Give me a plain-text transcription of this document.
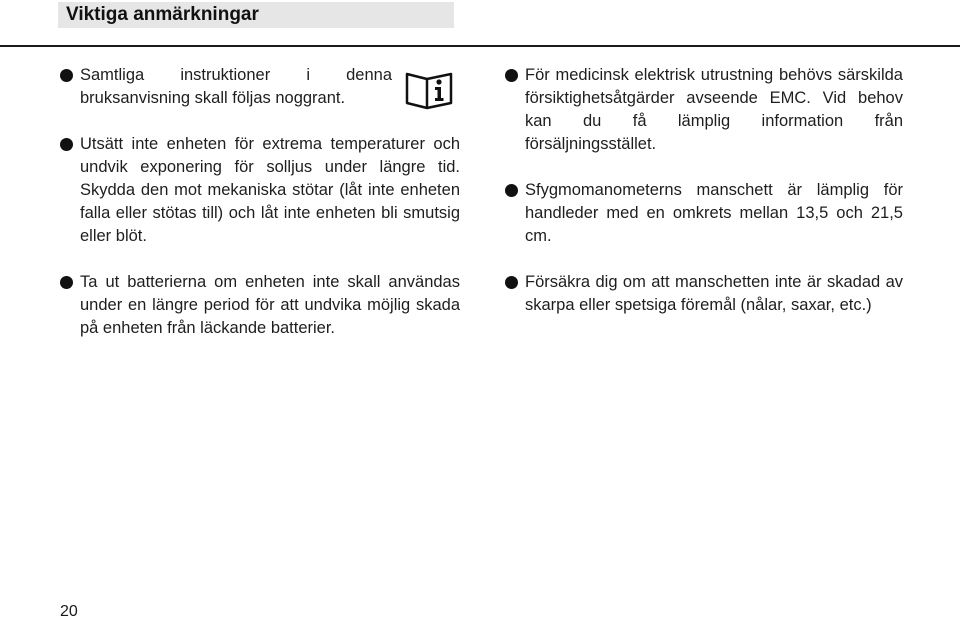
Viktiga anmärkningar
Samtliga instruktioner i denna bruksanvisning skall följas noggrant.
Utsätt inte enheten för extrema temperaturer och undvik exponering för solljus under längre tid. Skydda den mot mekaniska stötar (låt inte enheten falla eller stötas till) och låt inte enheten bli smutsig eller blöt.
Ta ut batterierna om enheten inte skall användas under en längre period för att undvika möjlig skada på enheten från läckande batterier.
För medicinsk elektrisk utrustning behövs särskilda försiktighetsåtgärder avseende EMC. Vid behov kan du få lämplig information från försäljningsstället.
Sfygmomanometerns manschett är lämplig för handleder med en omkrets mellan 13,5 och 21,5 cm.
Försäkra dig om att manschetten inte är skadad av skarpa eller spetsiga föremål (nålar, saxar, etc.)
20
